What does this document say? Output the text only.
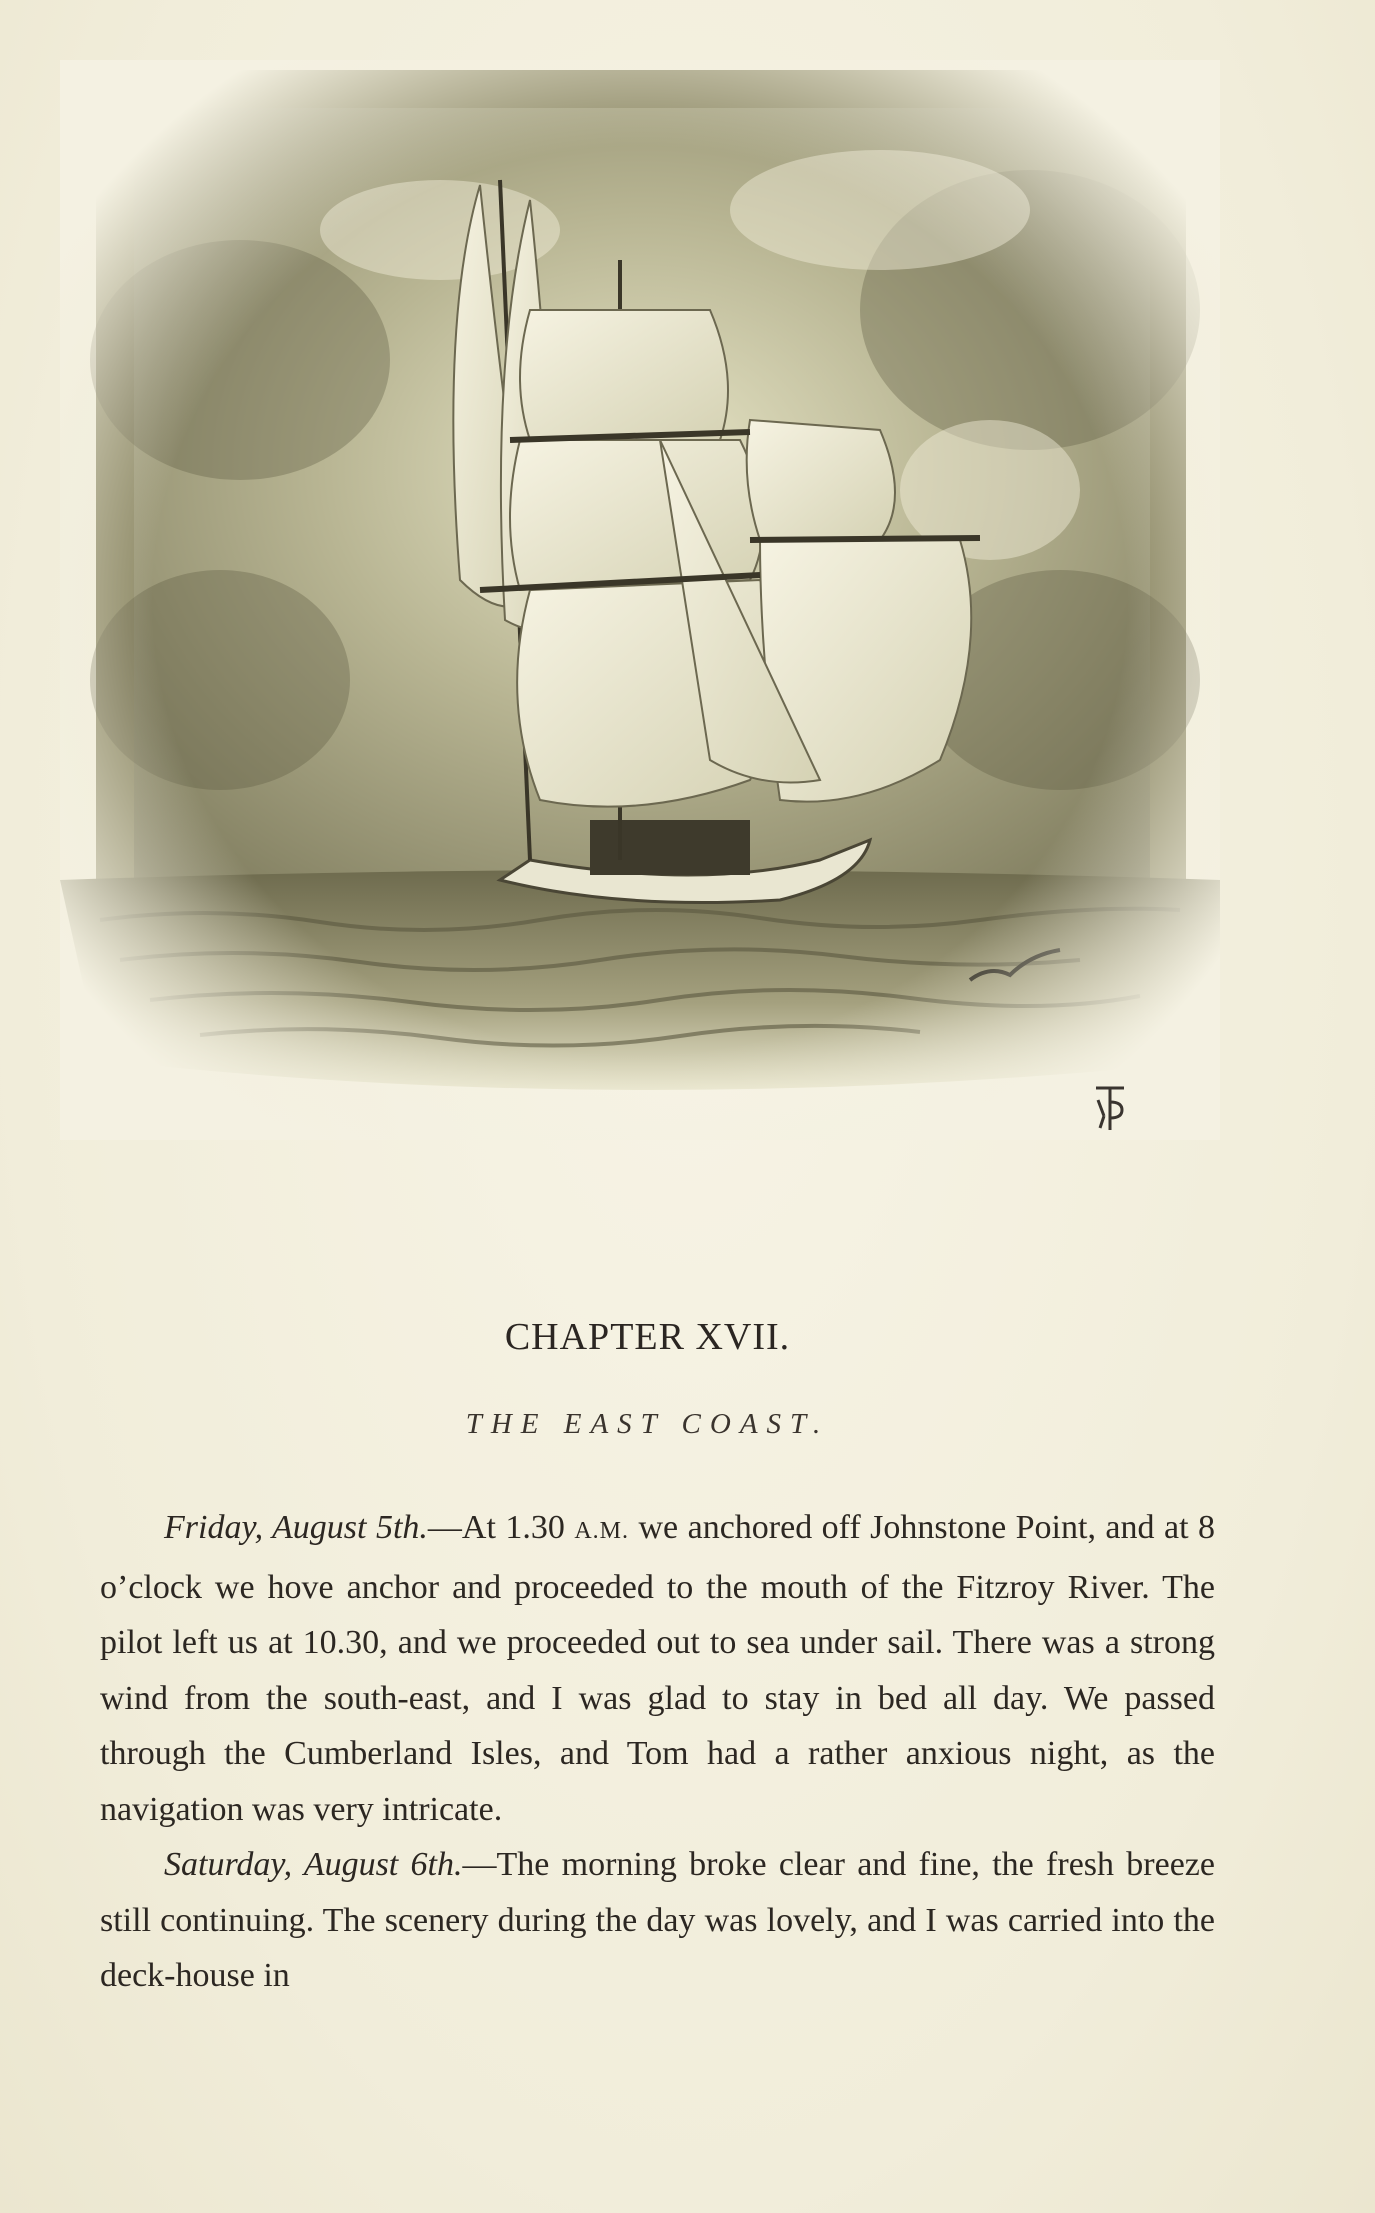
CHAPTER XVII.
THE EAST COAST.

Friday, August 5th.—At 1.30 A.M. we anchored off Johnstone Point, and at 8 o’clock we hove anchor and proceeded to the mouth of the Fitzroy River. The pilot left us at 10.30, and we proceeded out to sea under sail. There was a strong wind from the south-east, and I was glad to stay in bed all day. We passed through the Cumberland Isles, and Tom had a rather anxious night, as the navigation was very intricate.

Saturday, August 6th.—The morning broke clear and fine, the fresh breeze still continuing. The scenery during the day was lovely, and I was carried into the deck-house in
